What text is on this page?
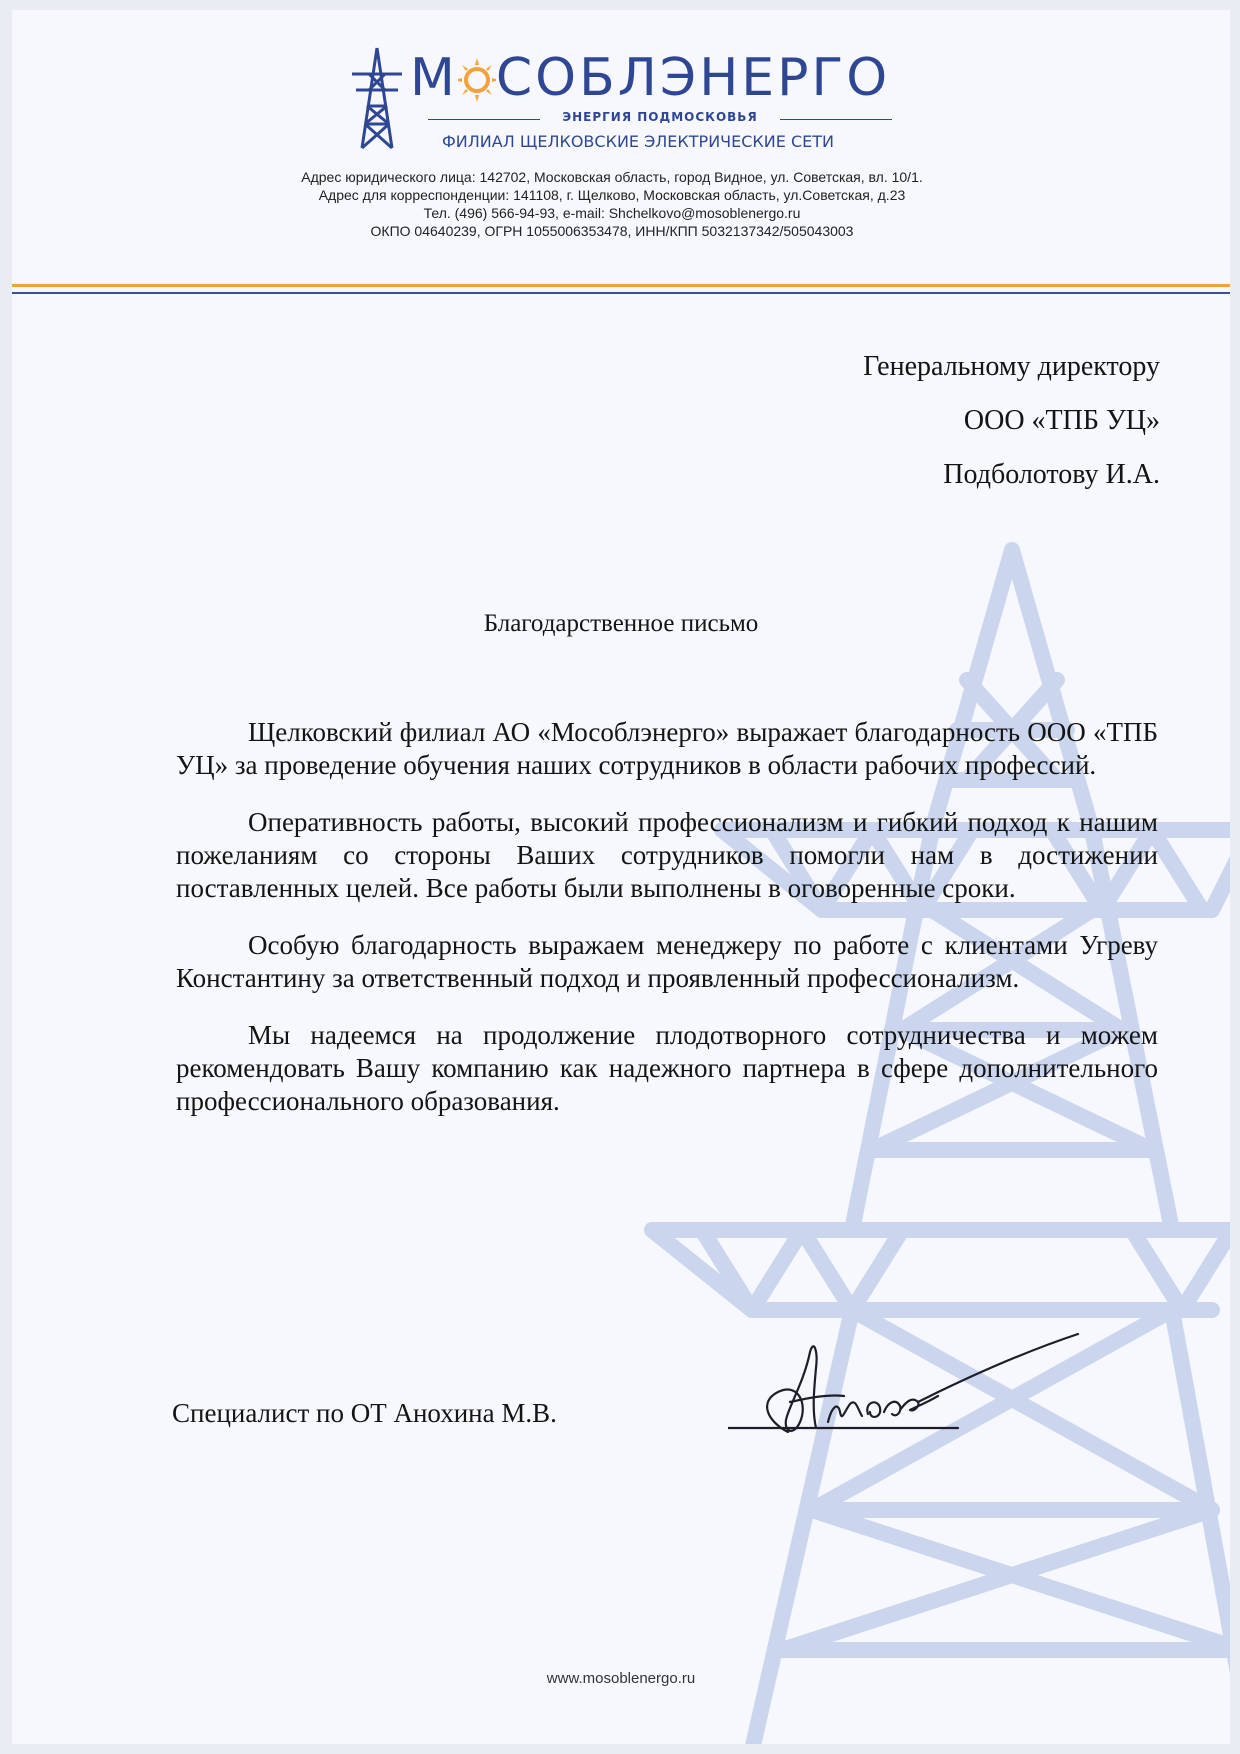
М СОБЛЭНЕРГО
ЭНЕРГИЯ ПОДМОСКОВЬЯ
ФИЛИАЛ ЩЕЛКОВСКИЕ ЭЛЕКТРИЧЕСКИЕ СЕТИ
Адрес юридического лица: 142702, Московская область, город Видное, ул. Советская, вл. 10/1.
Адрес для корреспонденции: 141108, г. Щелково, Московская область, ул.Советская, д.23
Тел. (496) 566-94-93, e-mail: Shchelkovo@mosoblenergo.ru
ОКПО 04640239, ОГРН 1055006353478, ИНН/КПП 5032137342/505043003
Генеральному директору
ООО «ТПБ УЦ»
Подболотову И.А.
Благодарственное письмо

Щелковский филиал АО «Мособлэнерго» выражает благодарность ООО «ТПБ УЦ» за проведение обучения наших сотрудников в области рабочих профессий.

Оперативность работы, высокий профессионализм и гибкий подход к нашим пожеланиям со стороны Ваших сотрудников помогли нам в достижении поставленных целей. Все работы были выполнены в оговоренные сроки.

Особую благодарность выражаем менеджеру по работе с клиентами Угреву Константину за ответственный подход и проявленный профессионализм.

Мы надеемся на продолжение плодотворного сотрудничества и можем рекомендовать Вашу компанию как надежного партнера в сфере дополнительного профессионального образования.

Специалист по ОТ Анохина М.В.
www.mosoblenergo.ru
